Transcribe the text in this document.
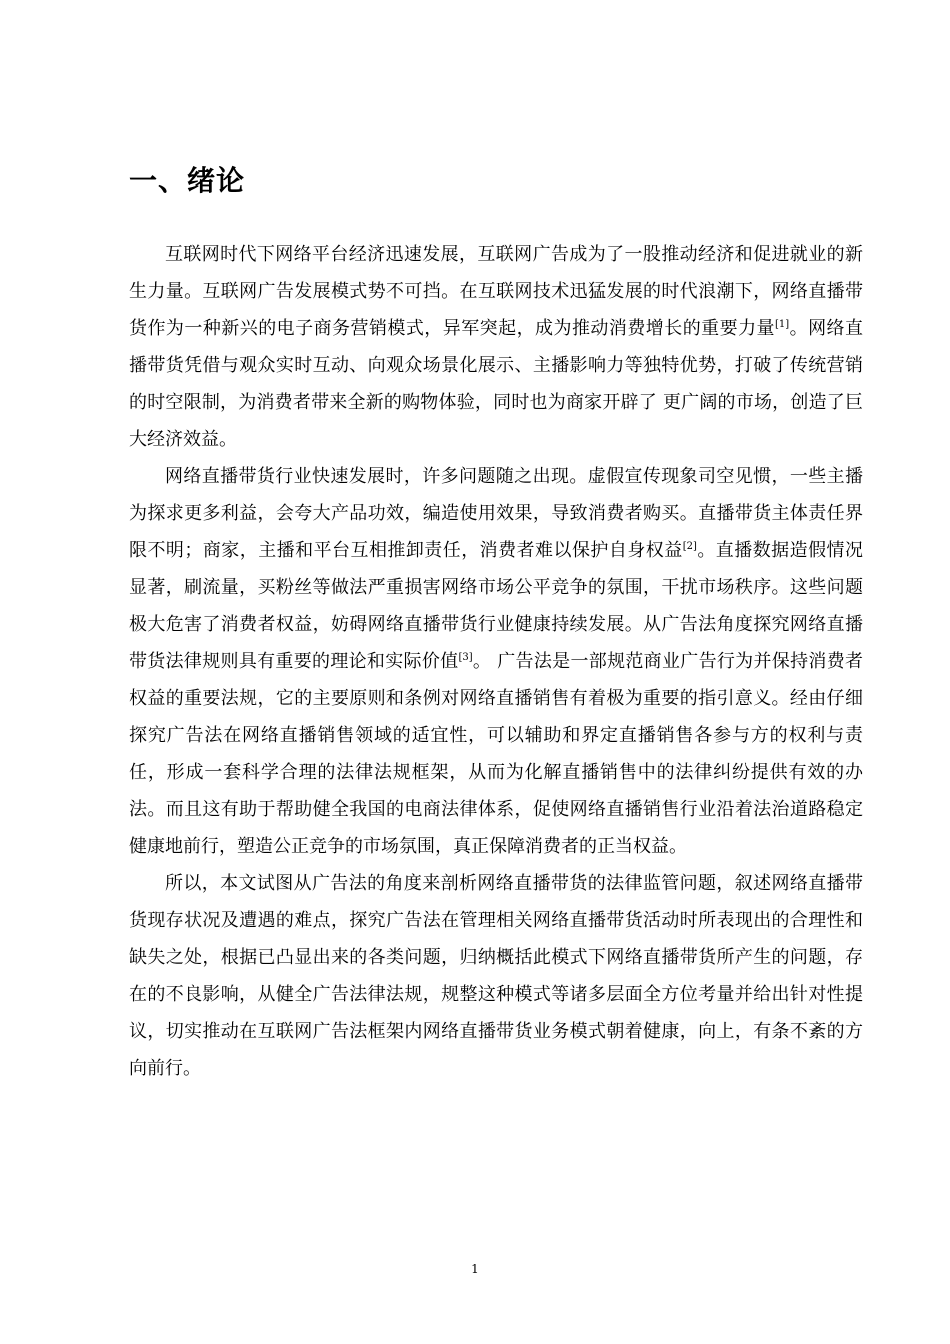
一、绪论

互联网时代下网络平台经济迅速发展，互联网广告成为了一股推动经济和促进就业的新生力量。互联网广告发展模式势不可挡。在互联网技术迅猛发展的时代浪潮下，网络直播带货作为一种新兴的电子商务营销模式，异军突起，成为推动消费增长的重要力量[1]。网络直播带货凭借与观众实时互动、向观众场景化展示、主播影响力等独特优势，打破了传统营销的时空限制，为消费者带来全新的购物体验，同时也为商家开辟了 更广阔的市场，创造了巨大经济效益。

网络直播带货行业快速发展时，许多问题随之出现。虚假宣传现象司空见惯，一些主播为探求更多利益，会夸大产品功效，编造使用效果，导致消费者购买。直播带货主体责任界限不明；商家，主播和平台互相推卸责任，消费者难以保护自身权益[2]。直播数据造假情况显著，刷流量，买粉丝等做法严重损害网络市场公平竞争的氛围，干扰市场秩序。这些问题极大危害了消费者权益，妨碍网络直播带货行业健康持续发展。从广告法角度探究网络直播带货法律规则具有重要的理论和实际价值[3]。 广告法是一部规范商业广告行为并保持消费者权益的重要法规，它的主要原则和条例对网络直播销售有着极为重要的指引意义。经由仔细探究广告法在网络直播销售领域的适宜性，可以辅助和界定直播销售各参与方的权利与责任，形成一套科学合理的法律法规框架，从而为化解直播销售中的法律纠纷提供有效的办法。而且这有助于帮助健全我国的电商法律体系，促使网络直播销售行业沿着法治道路稳定健康地前行，塑造公正竞争的市场氛围，真正保障消费者的正当权益。

所以，本文试图从广告法的角度来剖析网络直播带货的法律监管问题，叙述网络直播带货现存状况及遭遇的难点，探究广告法在管理相关网络直播带货活动时所表现出的合理性和缺失之处，根据已凸显出来的各类问题，归纳概括此模式下网络直播带货所产生的问题，存在的不良影响，从健全广告法律法规，规整这种模式等诸多层面全方位考量并给出针对性提议，切实推动在互联网广告法框架内网络直播带货业务模式朝着健康，向上，有条不紊的方向前行。

1
